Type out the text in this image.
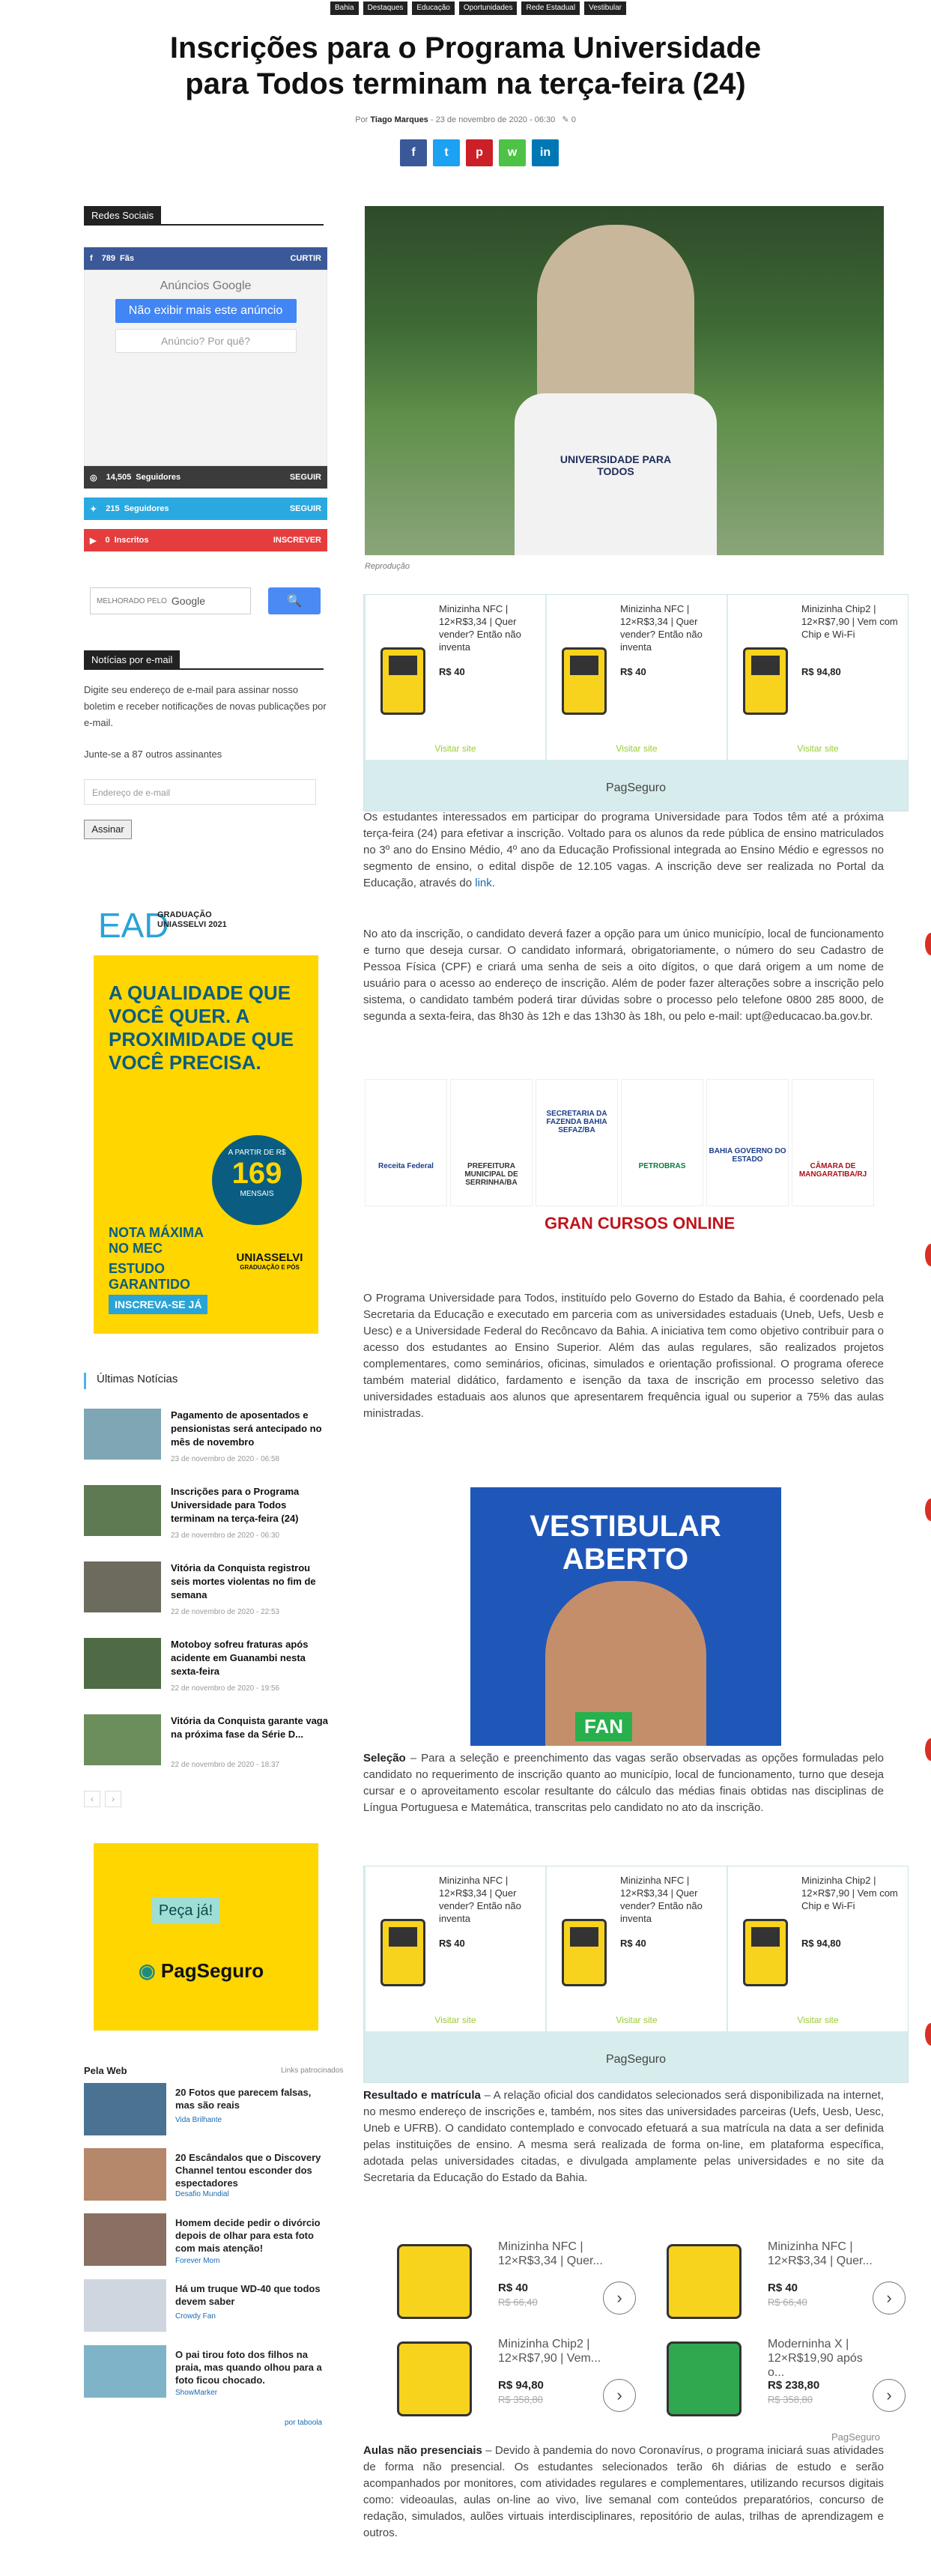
Bahia	Destaques	Educação	Oportunidades	Rede Estadual	Vestibular
Inscrições para o Programa Universidade
para Todos terminam na terça-feira (24)
Por Tiago Marques - 23 de novembro de 2020 - 06:30 ✎ 0
f	t	p	w	in
Redes Sociais
f 789 Fãs	CURTIR
Anúncios Google
Não exibir mais este anúncio
Anúncio? Por quê?
◎ 14,505 Seguidores	SEGUIR
✦ 215 Seguidores	SEGUIR
▶ 0 Inscritos	INSCREVER
MELHORADO PELO Google	🔍
Notícias por e-mail
Digite seu endereço de e-mail para assinar nosso boletim e receber notificações de novas publicações por e-mail.
Junte-se a 87 outros assinantes
Endereço de e-mail
Assinar
EAD
GRADUAÇÃO UNIASSELVI 2021
A QUALIDADE QUE VOCÊ QUER. A PROXIMIDADE QUE VOCÊ PRECISA.
A PARTIR DE R$
169
MENSAIS
NOTA MÁXIMA
NO MEC
ESTUDO GARANTIDO
UNIASSELVI
GRADUAÇÃO E PÓS
INSCREVA-SE JÁ
Últimas Notícias
Pagamento de aposentados e pensionistas será antecipado no mês de novembro
23 de novembro de 2020 - 06:58
Inscrições para o Programa Universidade para Todos terminam na terça-feira (24)
23 de novembro de 2020 - 06:30
Vitória da Conquista registrou seis mortes violentas no fim de semana
22 de novembro de 2020 - 22:53
Motoboy sofreu fraturas após acidente em Guanambi nesta sexta-feira
22 de novembro de 2020 - 19:56
Vitória da Conquista garante vaga na próxima fase da Série D...
22 de novembro de 2020 - 18:37
‹	›
Peça já!
◉ PagSeguro
Pela Web	Links patrocinados
20 Fotos que parecem falsas, mas são reais
Vida Brilhante
20 Escândalos que o Discovery Channel tentou esconder dos espectadores
Desafio Mundial
Homem decide pedir o divórcio depois de olhar para esta foto com mais atenção!
Forever Mom
Há um truque WD-40 que todos devem saber
Crowdy Fan
O pai tirou foto dos filhos na praia, mas quando olhou para a foto ficou chocado.
ShowMarker
por taboola
UNIVERSIDADE PARA TODOS
Reprodução
Minizinha NFC | 12×R$3,34 | Quer vender? Então não inventa
R$ 40
Visitar site
Minizinha NFC | 12×R$3,34 | Quer vender? Então não inventa
R$ 40
Visitar site
Minizinha Chip2 | 12×R$7,90 | Vem com Chip e Wi-Fi
R$ 94,80
Visitar site
PagSeguro
Os estudantes interessados em participar do programa Universidade para Todos têm até a próxima terça-feira (24) para efetivar a inscrição. Voltado para os alunos da rede pública de ensino matriculados no 3º ano do Ensino Médio, 4º ano da Educação Profissional integrada ao Ensino Médio e egressos no segmento de ensino, o edital dispõe de 12.105 vagas. A inscrição deve ser realizada no Portal da Educação, através do link.
No ato da inscrição, o candidato deverá fazer a opção para um único município, local de funcionamento e turno que deseja cursar. O candidato informará, obrigatoriamente, o número do seu Cadastro de Pessoa Física (CPF) e criará uma senha de seis a oito dígitos, o que dará origem a um nome de usuário para o acesso ao endereço de inscrição. Além de poder fazer alterações sobre a inscrição pelo sistema, o candidato também poderá tirar dúvidas sobre o processo pelo telefone 0800 285 8000, de segunda a sexta-feira, das 8h30 às 12h e das 13h30 às 18h, ou pelo e-mail: upt@educacao.ba.gov.br.
Receita Federal	PREFEITURA MUNICIPAL DE SERRINHA/BA
SECRETARIA DA FAZENDA BAHIA SEFAZ/BA
PETROBRAS
BAHIA GOVERNO DO ESTADO
CÂMARA DE MANGARATIBA/RJ
GRAN CURSOS ONLINE
O Programa Universidade para Todos, instituído pelo Governo do Estado da Bahia, é coordenado pela Secretaria da Educação e executado em parceria com as universidades estaduais (Uneb, Uefs, Uesb e Uesc) e a Universidade Federal do Recôncavo da Bahia. A iniciativa tem como objetivo contribuir para o acesso dos estudantes ao Ensino Superior. Além das aulas regulares, são realizados projetos complementares, como seminários, oficinas, simulados e orientação profissional. O programa oferece também material didático, fardamento e isenção da taxa de inscrição em processo seletivo das universidades estaduais aos alunos que apresentarem frequência igual ou superior a 75% das aulas ministradas.
VESTIBULAR ABERTO
FAN
Seleção – Para a seleção e preenchimento das vagas serão observadas as opções formuladas pelo candidato no requerimento de inscrição quanto ao município, local de funcionamento, turno que deseja cursar e o aproveitamento escolar resultante do cálculo das médias finais obtidas nas disciplinas de Língua Portuguesa e Matemática, transcritas pelo candidato no ato da inscrição.
Minizinha NFC | 12×R$3,34 | Quer vender? Então não inventa
R$ 40
Visitar site
Minizinha NFC | 12×R$3,34 | Quer vender? Então não inventa
R$ 40
Visitar site
Minizinha Chip2 | 12×R$7,90 | Vem com Chip e Wi-Fi
R$ 94,80
Visitar site
PagSeguro
Resultado e matrícula – A relação oficial dos candidatos selecionados será disponibilizada na internet, no mesmo endereço de inscrições e, também, nos sites das universidades parceiras (Uefs, Uesb, Uesc, Uneb e UFRB). O candidato contemplado e convocado efetuará a sua matrícula na data a ser definida pelas instituições de ensino. A mesma será realizada de forma on-line, em plataforma específica, adotada pelas universidades citadas, e divulgada amplamente pelas universidades e no site da Secretaria da Educação do Estado da Bahia.
Minizinha NFC | 12×R$3,34 | Quer...
R$ 40
R$ 66,40	›
Minizinha NFC | 12×R$3,34 | Quer...
R$ 40
R$ 66,40	›
Minizinha Chip2 | 12×R$7,90 | Vem...
R$ 94,80
R$ 358,80	›
Moderninha X | 12×R$19,90 após o...
R$ 238,80
R$ 358,80	›
PagSeguro
Aulas não presenciais – Devido à pandemia do novo Coronavírus, o programa iniciará suas atividades de forma não presencial. Os estudantes selecionados terão 6h diárias de estudo e serão acompanhados por monitores, com atividades regulares e complementares, utilizando recursos digitais como: videoaulas, aulas on-line ao vivo, live semanal com conteúdos preparatórios, concurso de redação, simulados, aulões virtuais interdisciplinares, repositório de aulas, trilhas de aprendizagem e outros.
